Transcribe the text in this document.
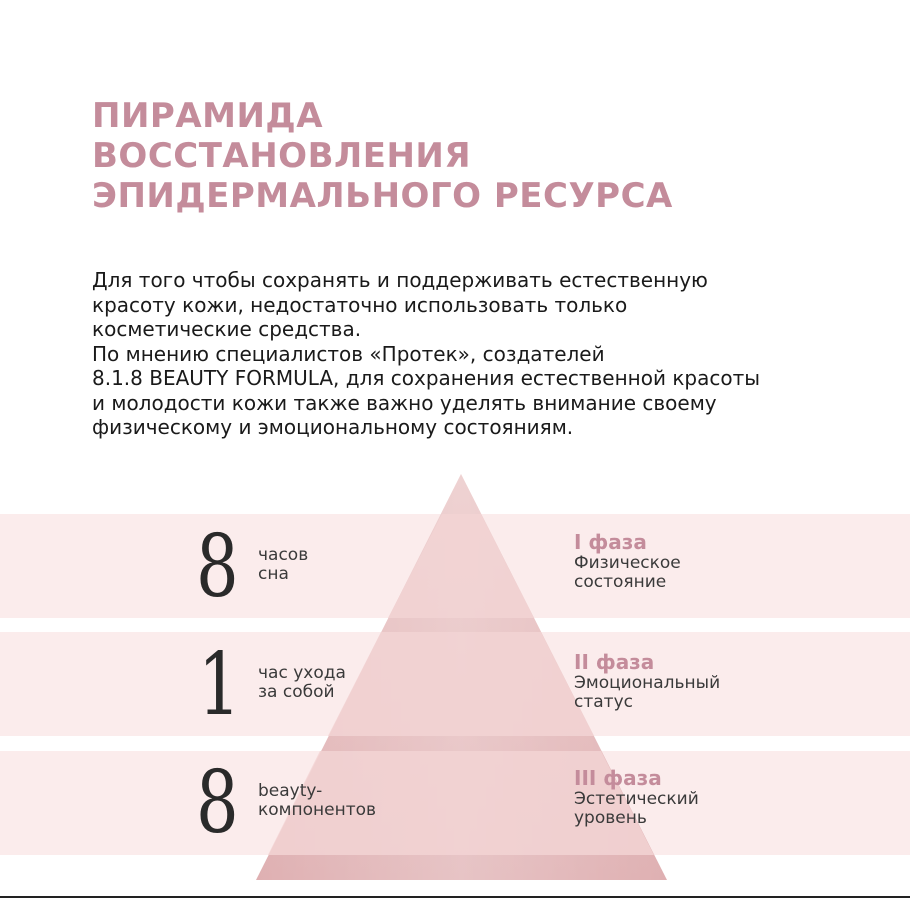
ПИРАМИДА
ВОССТАНОВЛЕНИЯ
ЭПИДЕРМАЛЬНОГО РЕСУРСА

Для того чтобы сохранять и поддерживать естественную
красоту кожи, недостаточно использовать только
косметические средства.
По мнению специалистов «Протек», создателей
8.1.8 BEAUTY FORMULA, для сохранения естественной красоты
и молодости кожи также важно уделять внимание своему
физическому и эмоциональному состояниям.

8 часов
сна
I фаза
Физическое
состояние
1 час ухода
за собой
II фаза
Эмоциональный
статус
8 beayty-
компонентов
III фаза
Эстетический
уровень
